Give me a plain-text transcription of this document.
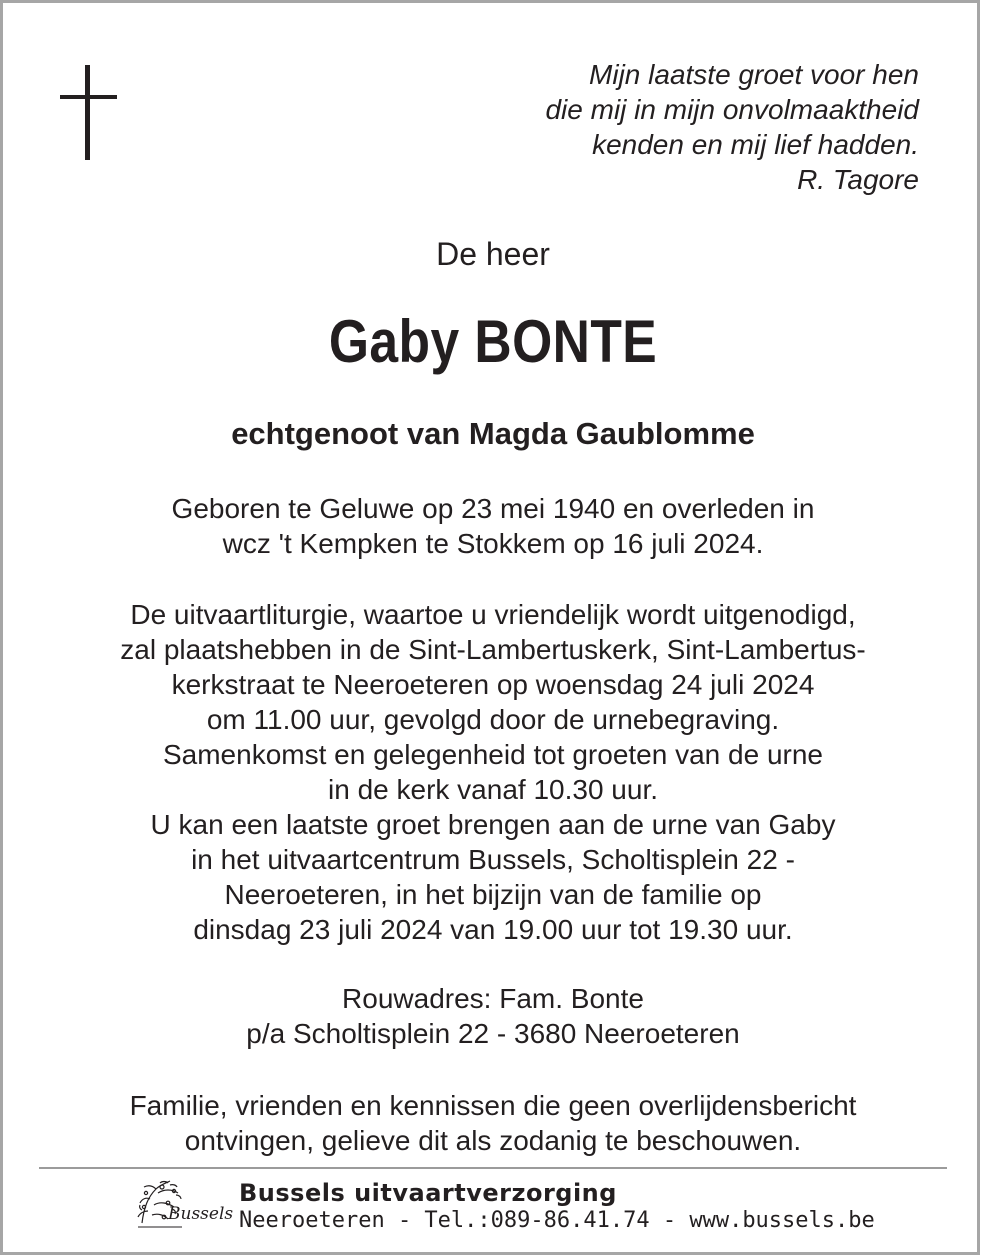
Mijn laatste groet voor hen
die mij in mijn onvolmaaktheid
kenden en mij lief hadden.
R. Tagore
De heer
Gaby BONTE
echtgenoot van Magda Gaublomme
Geboren te Geluwe op 23 mei 1940 en overleden in
wcz 't Kempken te Stokkem op 16 juli 2024.
De uitvaartliturgie, waartoe u vriendelijk wordt uitgenodigd,
zal plaatshebben in de Sint-Lambertuskerk, Sint-Lambertus-
kerkstraat te Neeroeteren op woensdag 24 juli 2024
om 11.00 uur, gevolgd door de urnebegraving.
Samenkomst en gelegenheid tot groeten van de urne
in de kerk vanaf 10.30 uur.
U kan een laatste groet brengen aan de urne van Gaby
in het uitvaartcentrum Bussels, Scholtisplein 22 -
Neeroeteren, in het bijzijn van de familie op
dinsdag 23 juli 2024 van 19.00 uur tot 19.30 uur.
Rouwadres: Fam. Bonte
p/a Scholtisplein 22 - 3680 Neeroeteren
Familie, vrienden en kennissen die geen overlijdensbericht
ontvingen, gelieve dit als zodanig te beschouwen.
Bussels
Bussels uitvaartverzorging
Neeroeteren - Tel.:089-86.41.74 - www.bussels.be
